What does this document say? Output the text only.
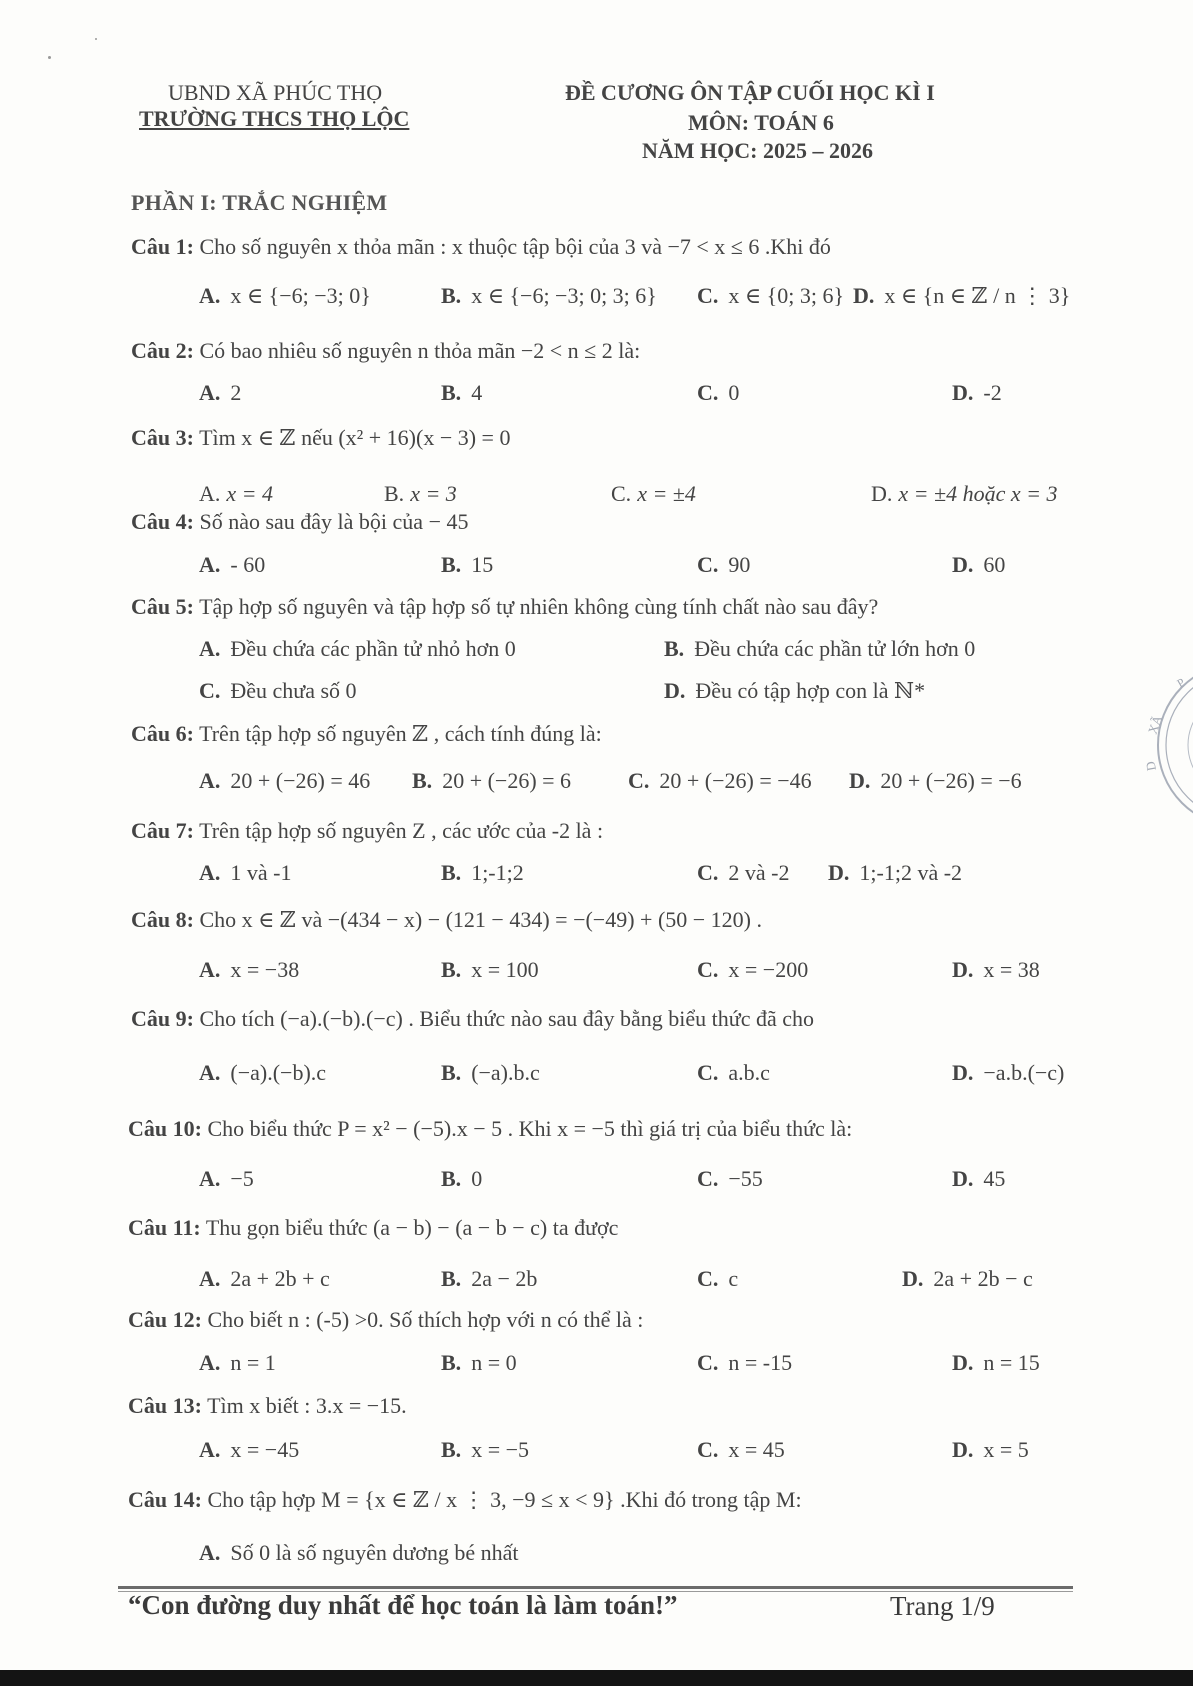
UBND XÃ PHÚC THỌ
TRƯỜNG THCS THỌ LỘC
ĐỀ CƯƠNG ÔN TẬP CUỐI HỌC KÌ I
MÔN: TOÁN 6
NĂM HỌC: 2025 – 2026
PHẦN I: TRẮC NGHIỆM
Câu 1: Cho số nguyên x thỏa mãn : x thuộc tập bội của 3 và −7 < x ≤ 6 .Khi đó
A. x ∈ {−6; −3; 0}	B. x ∈ {−6; −3; 0; 3; 6} C. x ∈ {0; 3; 6} D. x ∈ {n ∈ ℤ / n ⋮ 3}
Câu 2: Có bao nhiêu số nguyên n thỏa mãn −2 < n ≤ 2 là:
A. 2	B. 4	C. 0	D. -2
Câu 3: Tìm x ∈ ℤ nếu (x² + 16)(x − 3) = 0
A. x = 4	B. x = 3	C. x = ±4	D. x = ±4 hoặc x = 3
Câu 4: Số nào sau đây là bội của − 45
A. - 60	B. 15	C. 90	D. 60
Câu 5: Tập hợp số nguyên và tập hợp số tự nhiên không cùng tính chất nào sau đây?
A. Đều chứa các phần tử nhỏ hơn 0	B. Đều chứa các phần tử lớn hơn 0
C. Đều chưa số 0	D. Đều có tập hợp con là ℕ*
Câu 6: Trên tập hợp số nguyên ℤ , cách tính đúng là:
A. 20 + (−26) = 46 B. 20 + (−26) = 6	C. 20 + (−26) = −46 D. 20 + (−26) = −6
Câu 7: Trên tập hợp số nguyên Z , các ước của -2 là :
A. 1 và -1	B. 1;-1;2	C. 2 và -2 D. 1;-1;2 và -2
Câu 8: Cho x ∈ ℤ và −(434 − x) − (121 − 434) = −(−49) + (50 − 120) .
A. x = −38	B. x = 100	C. x = −200	D. x = 38
Câu 9: Cho tích (−a).(−b).(−c) . Biểu thức nào sau đây bằng biểu thức đã cho
A. (−a).(−b).c	B. (−a).b.c	C. a.b.c	D. −a.b.(−c)
Câu 10: Cho biểu thức P = x² − (−5).x − 5 . Khi x = −5 thì giá trị của biểu thức là:
A. −5	B. 0	C. −55	D. 45
Câu 11: Thu gọn biểu thức (a − b) − (a − b − c) ta được
A. 2a + 2b + c	B. 2a − 2b	C. c	D. 2a + 2b − c
Câu 12: Cho biết n : (-5) >0. Số thích hợp với n có thể là :
A. n = 1	B. n = 0	C. n = -15	D. n = 15
Câu 13: Tìm x biết : 3.x = −15.
A. x = −45	B. x = −5	C. x = 45	D. x = 5
Câu 14: Cho tập hợp M = {x ∈ ℤ / x ⋮ 3, −9 ≤ x < 9} .Khi đó trong tập M:
A. Số 0 là số nguyên dương bé nhất
“Con đường duy nhất để học toán là làm toán!”	Trang 1/9
XÃ
D
P
